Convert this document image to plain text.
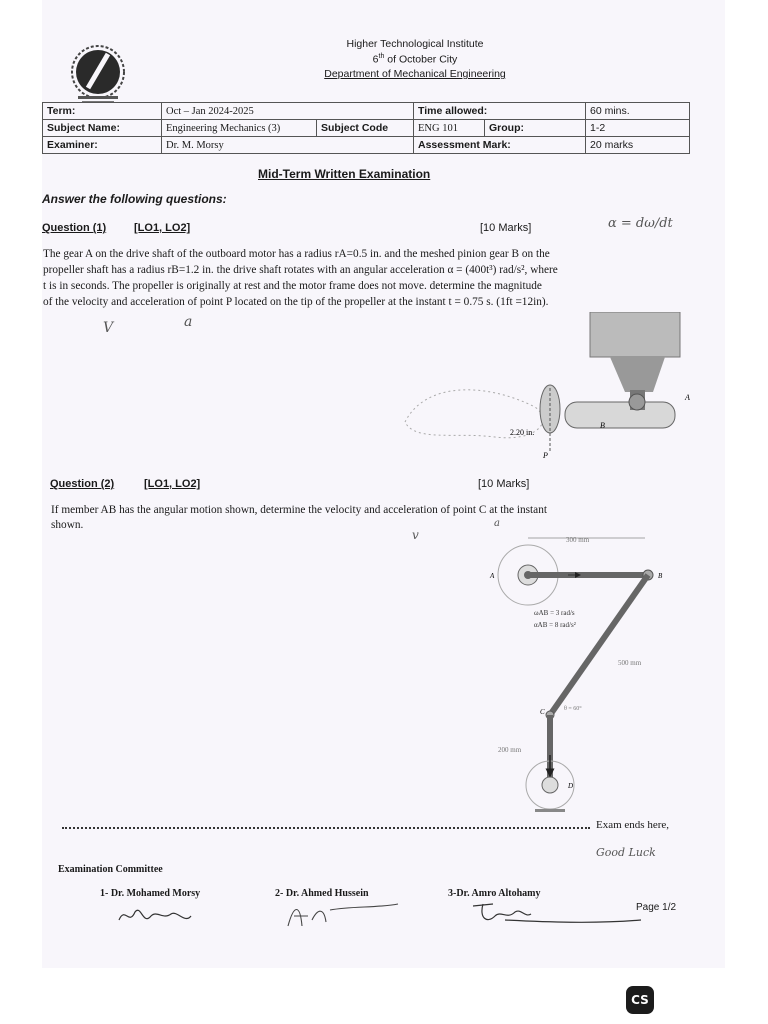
Higher Technological Institute
6th of October City
Department of Mechanical Engineering
Term:	Oct – Jan 2024-2025		Time allowed:		60 mins.
Subject Name:	Engineering Mechanics (3)	Subject Code	ENG 101	Group:	1-2
Examiner:	Dr. M. Morsy		Assessment Mark:		20 marks
Mid-Term Written Examination
Answer the following questions:
Question (1)	[LO1, LO2]	[10 Marks]	α = dω/dt
The gear A on the drive shaft of the outboard motor has a radius rA=0.5 in. and the meshed pinion gear B on the
propeller shaft has a radius rB=1.2 in. the drive shaft rotates with an angular acceleration α = (400t³) rad/s², where
t is in seconds. The propeller is originally at rest and the motor frame does not move. determine the magnitude
of the velocity and acceleration of point P located on the tip of the propeller at the instant t = 0.75 s. (1ft =12in).
V	a
A
B
2.20 in.
P
Question (2)	[LO1, LO2]	[10 Marks]
If member AB has the angular motion shown, determine the velocity and acceleration of point C at the instant
shown.
v
a
300 mm
A	B
ωAB = 3 rad/s
αAB = 8 rad/s²
500 mm
C	θ = 60°
200 mm
D
Exam ends here,
Good Luck
Examination Committee
1- Dr. Mohamed Morsy	2- Dr. Ahmed Hussein	3-Dr. Amro Altohamy
Page 1/2
CS
